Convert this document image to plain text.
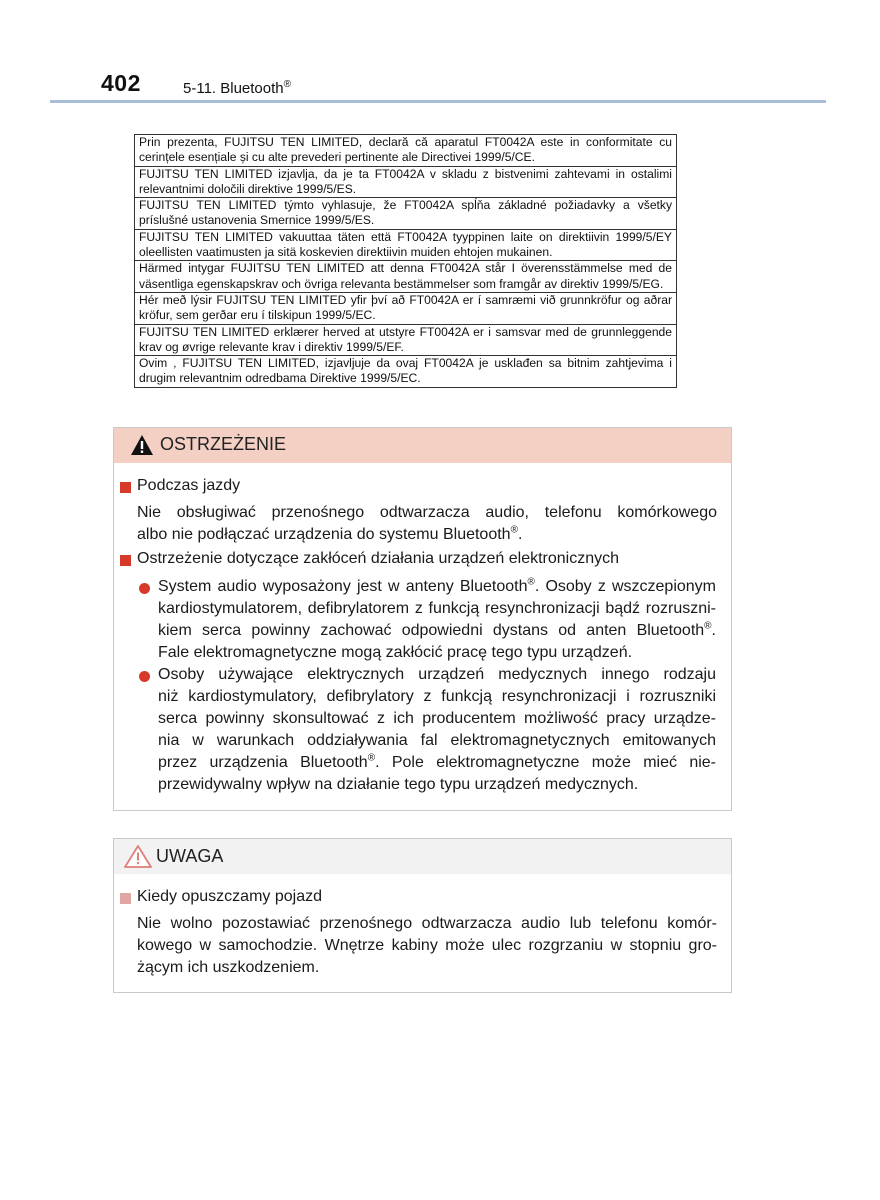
402	5-11. Bluetooth®
Prin prezenta, FUJITSU TEN LIMITED, declară că aparatul FT0042A este in conformitate cu cerințele esențiale și cu alte prevederi pertinente ale Directivei 1999/5/CE.
FUJITSU TEN LIMITED izjavlja, da je ta FT0042A v skladu z bistvenimi zahtevami in ostalimi relevantnimi določili direktive 1999/5/ES.
FUJITSU TEN LIMITED týmto vyhlasuje, že FT0042A spĺňa základné požiadavky a všetky príslušné ustanovenia Smernice 1999/5/ES.
FUJITSU TEN LIMITED vakuuttaa täten että FT0042A tyyppinen laite on direktiivin 1999/5/EY oleellisten vaatimusten ja sitä koskevien direktiivin muiden ehtojen mukainen.
Härmed intygar FUJITSU TEN LIMITED att denna FT0042A står I överensstämmelse med de väsentliga egenskapskrav och övriga relevanta bestämmelser som framgår av direktiv 1999/5/EG.
Hér með lýsir FUJITSU TEN LIMITED yfir því að FT0042A er í samræmi við grunnkröfur og aðrar kröfur, sem gerðar eru í tilskipun 1999/5/EC.
FUJITSU TEN LIMITED erklærer herved at utstyre FT0042A er i samsvar med de grunnleggende krav og øvrige relevante krav i direktiv 1999/5/EF.
Ovim , FUJITSU TEN LIMITED, izjavljuje da ovaj FT0042A je usklađen sa bitnim zahtjevima i drugim relevantnim odredbama Direktive 1999/5/EC.
OSTRZEŻENIE
Podczas jazdy
Nie obsługiwać przenośnego odtwarzacza audio, telefonu komórkowego
albo nie podłączać urządzenia do systemu Bluetooth®.
Ostrzeżenie dotyczące zakłóceń działania urządzeń elektronicznych
System audio wyposażony jest w anteny Bluetooth®. Osoby z wszczepionym
kardiostymulatorem, defibrylatorem z funkcją resynchronizacji bądź rozruszni-
kiem serca powinny zachować odpowiedni dystans od anten Bluetooth®.
Fale elektromagnetyczne mogą zakłócić pracę tego typu urządzeń.
Osoby używające elektrycznych urządzeń medycznych innego rodzaju
niż kardiostymulatory, defibrylatory z funkcją resynchronizacji i rozruszniki
serca powinny skonsultować z ich producentem możliwość pracy urządze-
nia w warunkach oddziaływania fal elektromagnetycznych emitowanych
przez urządzenia Bluetooth®. Pole elektromagnetyczne może mieć nie-
przewidywalny wpływ na działanie tego typu urządzeń medycznych.
UWAGA
Kiedy opuszczamy pojazd
Nie wolno pozostawiać przenośnego odtwarzacza audio lub telefonu komór-
kowego w samochodzie. Wnętrze kabiny może ulec rozgrzaniu w stopniu gro-
żącym ich uszkodzeniem.
